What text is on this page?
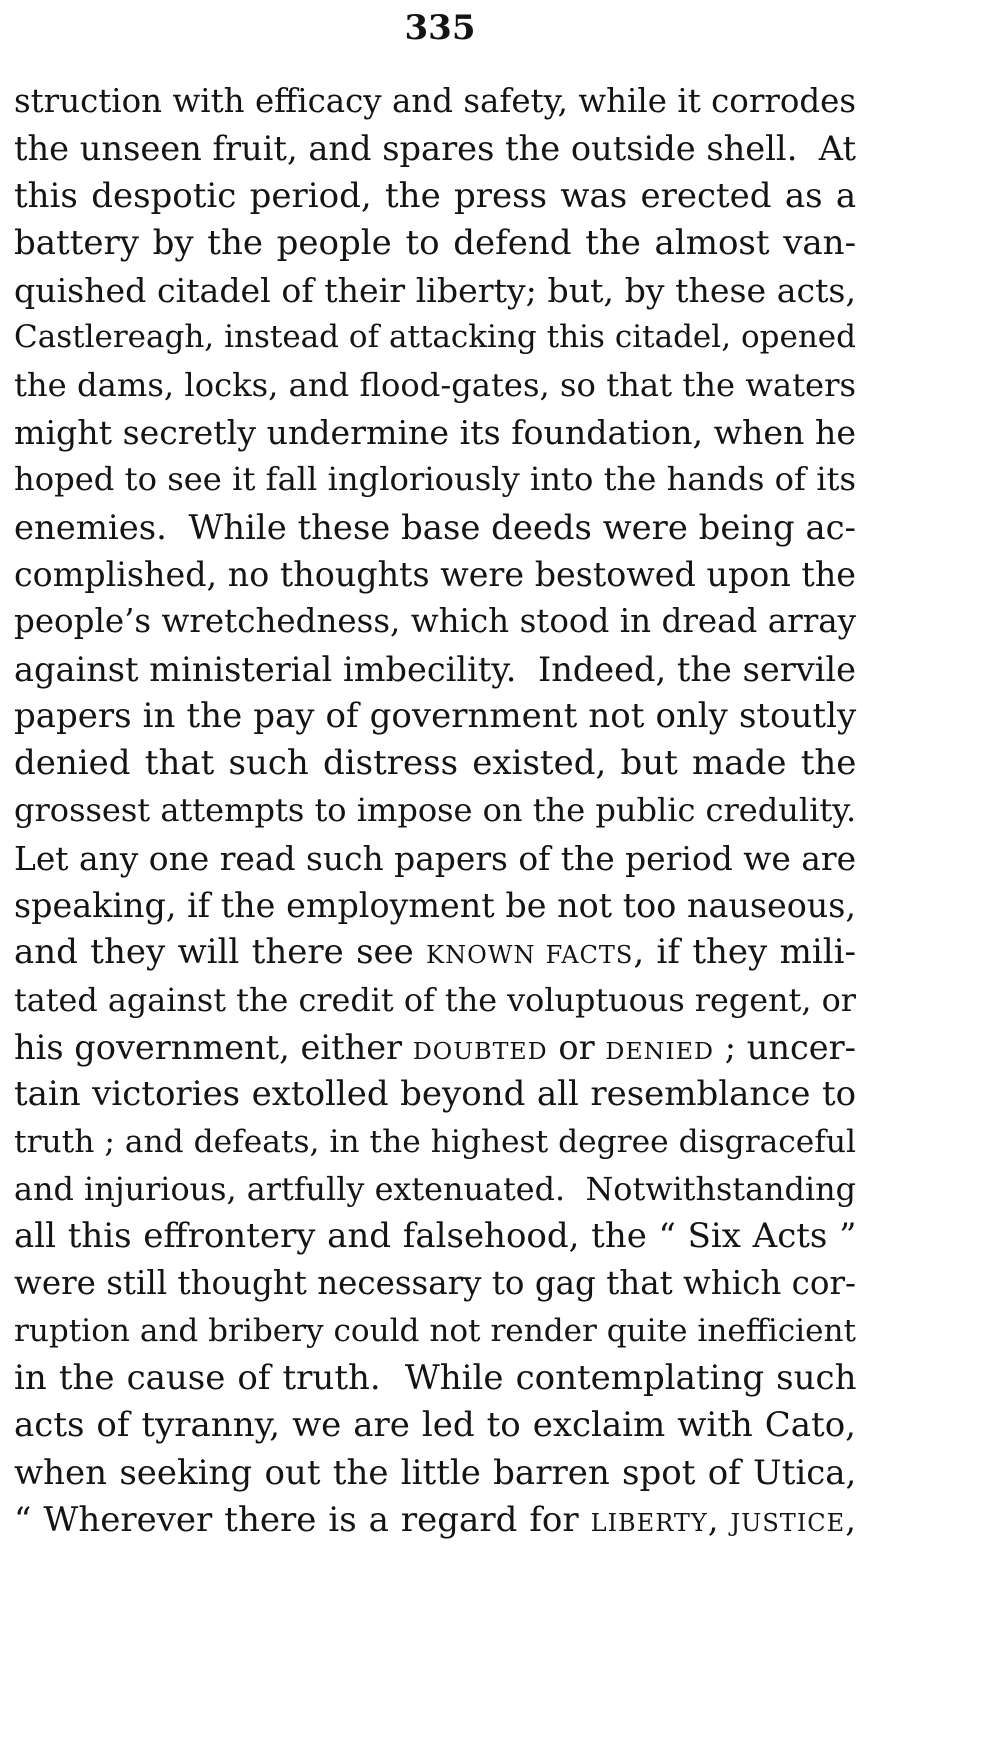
335
struction with efficacy and safety, while it corrodes
the unseen fruit, and spares the outside shell.  At
this despotic period, the press was erected as a
battery by the people to defend the almost van-
quished citadel of their liberty; but, by these acts,
Castlereagh, instead of attacking this citadel, opened
the dams, locks, and flood-gates, so that the waters
might secretly undermine its foundation, when he
hoped to see it fall ingloriously into the hands of its
enemies.  While these base deeds were being ac-
complished, no thoughts were bestowed upon the
people’s wretchedness, which stood in dread array
against ministerial imbecility.  Indeed, the servile
papers in the pay of government not only stoutly
denied that such distress existed, but made the
grossest attempts to impose on the public credulity.
Let any one read such papers of the period we are
speaking, if the employment be not too nauseous,
and they will there see KNOWN FACTS, if they mili-
tated against the credit of the voluptuous regent, or
his government, either DOUBTED or DENIED ; uncer-
tain victories extolled beyond all resemblance to
truth ; and defeats, in the highest degree disgraceful
and injurious, artfully extenuated.  Notwithstanding
all this effrontery and falsehood, the “ Six Acts ”
were still thought necessary to gag that which cor-
ruption and bribery could not render quite inefficient
in the cause of truth.  While contemplating such
acts of tyranny, we are led to exclaim with Cato,
when seeking out the little barren spot of Utica,
“ Wherever there is a regard for LIBERTY, JUSTICE,
